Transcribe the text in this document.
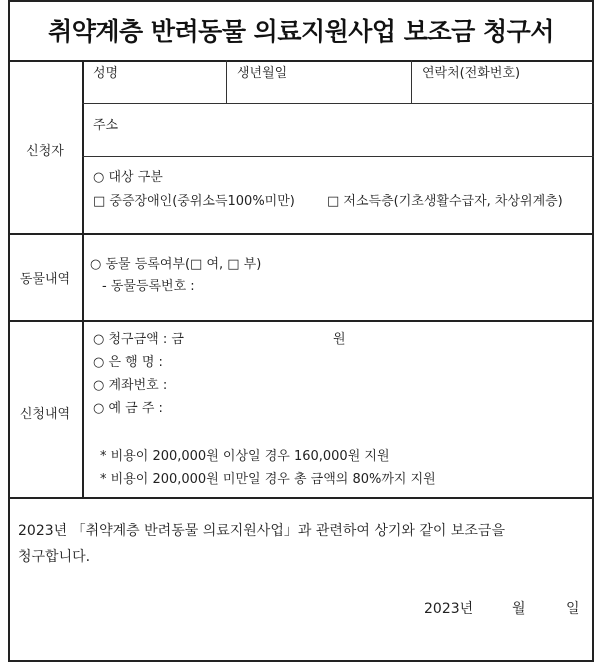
취약계층 반려동물 의료지원사업 보조금 청구서
신청자
성명	생년월일	연락처(전화번호)
주소
○ 대상 구분
□ 중증장애인(중위소득100%미만) □ 저소득층(기초생활수급자, 차상위계층)
동물내역
○ 동물 등록여부(□ 여, □ 부)
- 동물등록번호 :
신청내역
○ 청구금액 : 금	원
○ 은 행 명 :
○ 계좌번호 :
○ 예 금 주 :
* 비용이 200,000원 이상일 경우 160,000원 지원
* 비용이 200,000원 미만일 경우 총 금액의 80%까지 지원
2023년 「취약계층 반려동물 의료지원사업」과 관련하여 상기와 같이 보조금을
청구합니다.
2023년	월	일
